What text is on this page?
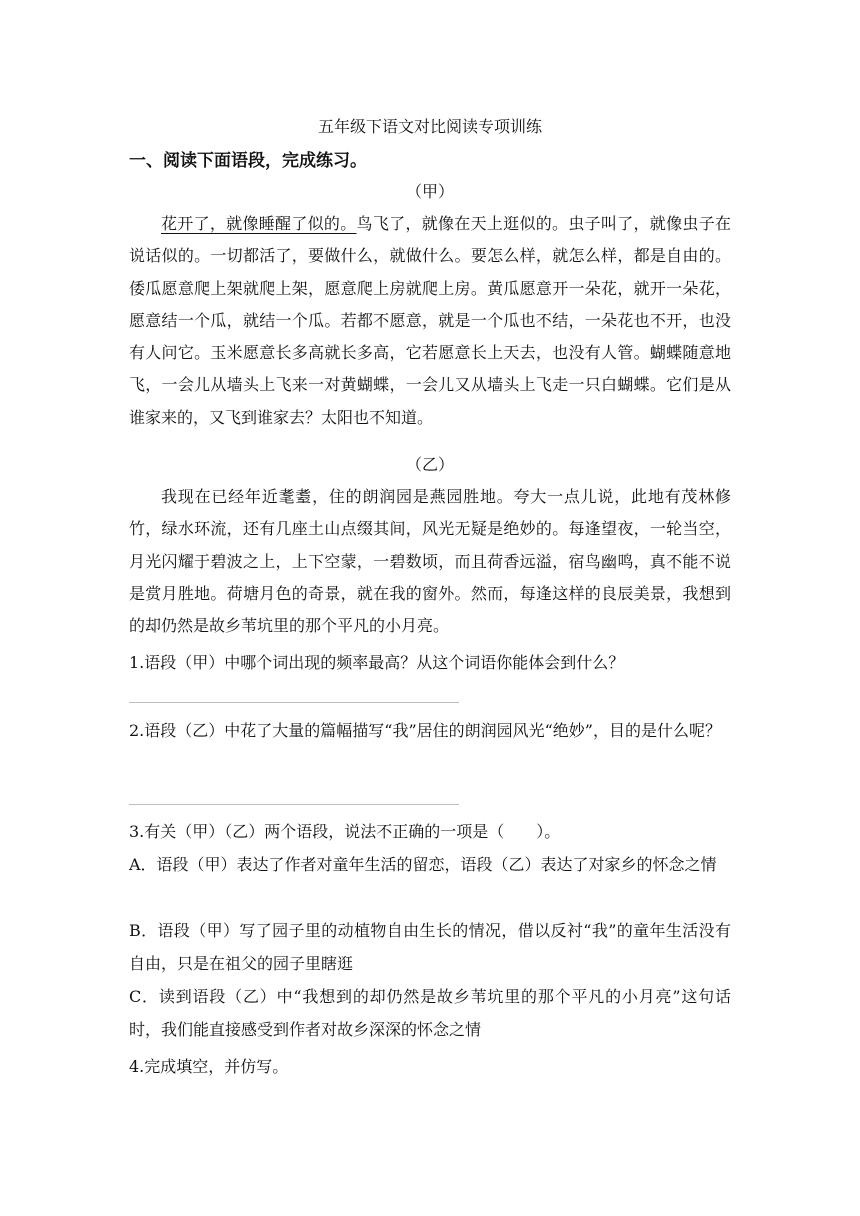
五年级下语文对比阅读专项训练
一、阅读下面语段，完成练习。
（甲）

花开了，就像睡醒了似的。鸟飞了，就像在天上逛似的。虫子叫了，就像虫子在说话似的。一切都活了，要做什么，就做什么。要怎么样，就怎么样，都是自由的。倭瓜愿意爬上架就爬上架，愿意爬上房就爬上房。黄瓜愿意开一朵花，就开一朵花，愿意结一个瓜，就结一个瓜。若都不愿意，就是一个瓜也不结，一朵花也不开，也没有人问它。玉米愿意长多高就长多高，它若愿意长上天去，也没有人管。蝴蝶随意地飞，一会儿从墙头上飞来一对黄蝴蝶，一会儿又从墙头上飞走一只白蝴蝶。它们是从谁家来的，又飞到谁家去？太阳也不知道。

（乙）

我现在已经年近耄耋，住的朗润园是燕园胜地。夸大一点儿说，此地有茂林修竹，绿水环流，还有几座土山点缀其间，风光无疑是绝妙的。每逢望夜，一轮当空，月光闪耀于碧波之上，上下空蒙，一碧数顷，而且荷香远溢，宿鸟幽鸣，真不能不说是赏月胜地。荷塘月色的奇景，就在我的窗外。然而，每逢这样的良辰美景，我想到的却仍然是故乡苇坑里的那个平凡的小月亮。

1.语段（甲）中哪个词出现的频率最高？从这个词语你能体会到什么？

2.语段（乙）中花了大量的篇幅描写“我”居住的朗润园风光“绝妙”，目的是什么呢？

3.有关（甲）（乙）两个语段，说法不正确的一项是（　　）。

A．语段（甲）表达了作者对童年生活的留恋，语段（乙）表达了对家乡的怀念之情

B．语段（甲）写了园子里的动植物自由生长的情况，借以反衬“我”的童年生活没有自由，只是在祖父的园子里瞎逛

C．读到语段（乙）中“我想到的却仍然是故乡苇坑里的那个平凡的小月亮”这句话时，我们能直接感受到作者对故乡深深的怀念之情

4.完成填空，并仿写。
